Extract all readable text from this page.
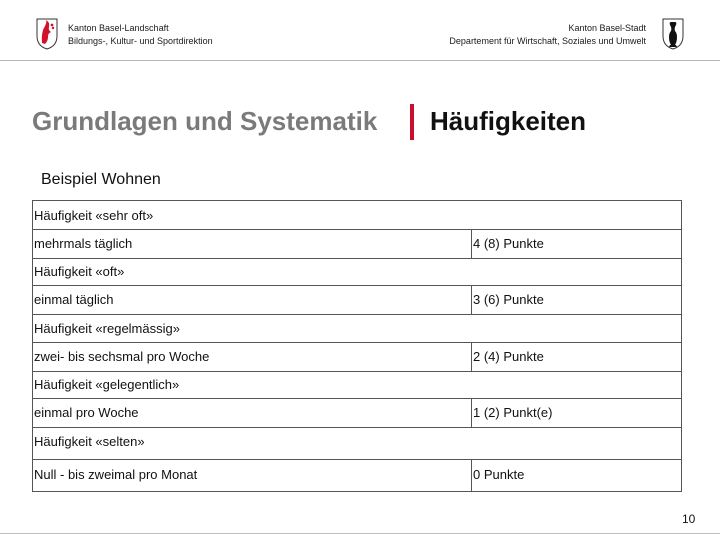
Kanton Basel-Landschaft
Bildungs-, Kultur- und Sportdirektion
Kanton Basel-Stadt
Departement für Wirtschaft, Soziales und Umwelt
Grundlagen und Systematik Häufigkeiten
Beispiel Wohnen
Häufigkeit «sehr oft»
mehrmals täglich	4 (8) Punkte
Häufigkeit «oft»
einmal täglich	3 (6) Punkte
Häufigkeit «regelmässig»
zwei- bis sechsmal pro Woche	2 (4) Punkte
Häufigkeit «gelegentlich»
einmal pro Woche	1 (2) Punkt(e)
Häufigkeit «selten»
Null - bis zweimal pro Monat	0 Punkte
10
